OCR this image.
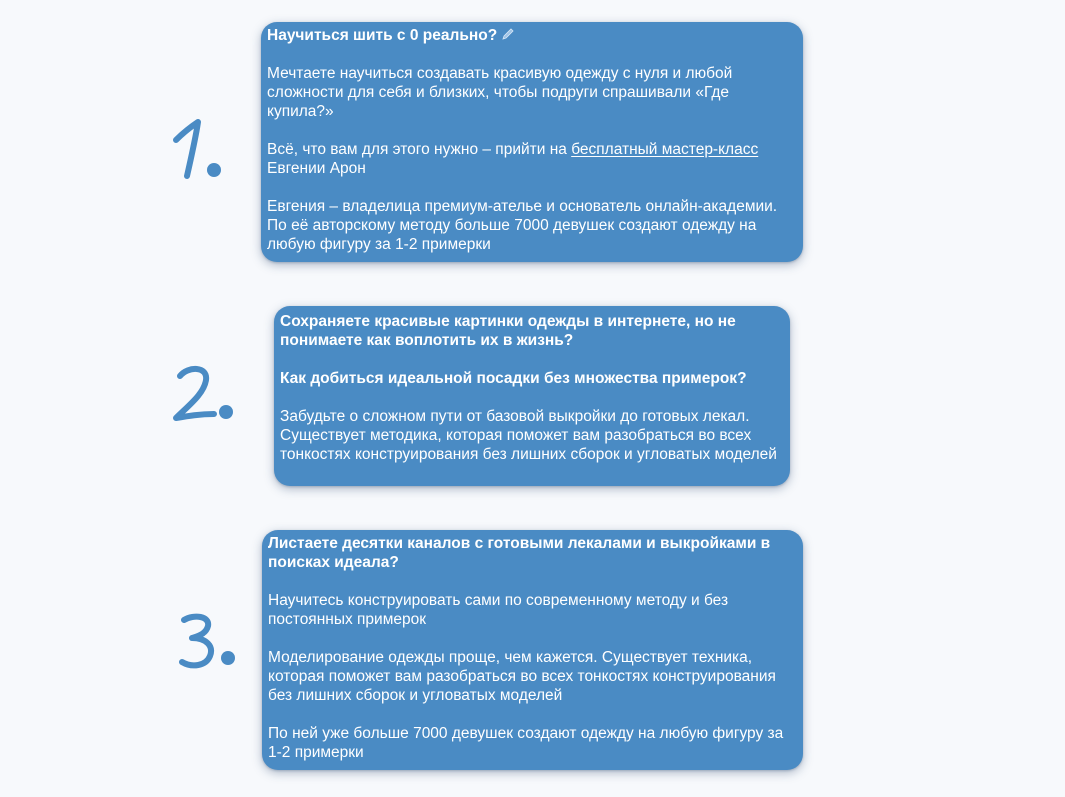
Научиться шить с 0 реально?

Мечтаете научиться создавать красивую одежду с нуля и любой сложности для себя и близких, чтобы подруги спрашивали «Где купила?»

Всё, что вам для этого нужно – прийти на бесплатный мастер-класс Евгении Арон

Евгения – владелица премиум-ателье и основатель онлайн-академии. По её авторскому методу больше 7000 девушек создают одежду на любую фигуру за 1-2 примерки

Сохраняете красивые картинки одежды в интернете, но не понимаете как воплотить их в жизнь?

Как добиться идеальной посадки без множества примерок?

Забудьте о сложном пути от базовой выкройки до готовых лекал. Существует методика, которая поможет вам разобраться во всех тонкостях конструирования без лишних сборок и угловатых моделей

Листаете десятки каналов с готовыми лекалами и выкройками в поисках идеала?

Научитесь конструировать сами по современному методу и без постоянных примерок

Моделирование одежды проще, чем кажется. Существует техника, которая поможет вам разобраться во всех тонкостях конструирования без лишних сборок и угловатых моделей

По ней уже больше 7000 девушек создают одежду на любую фигуру за 1-2 примерки
